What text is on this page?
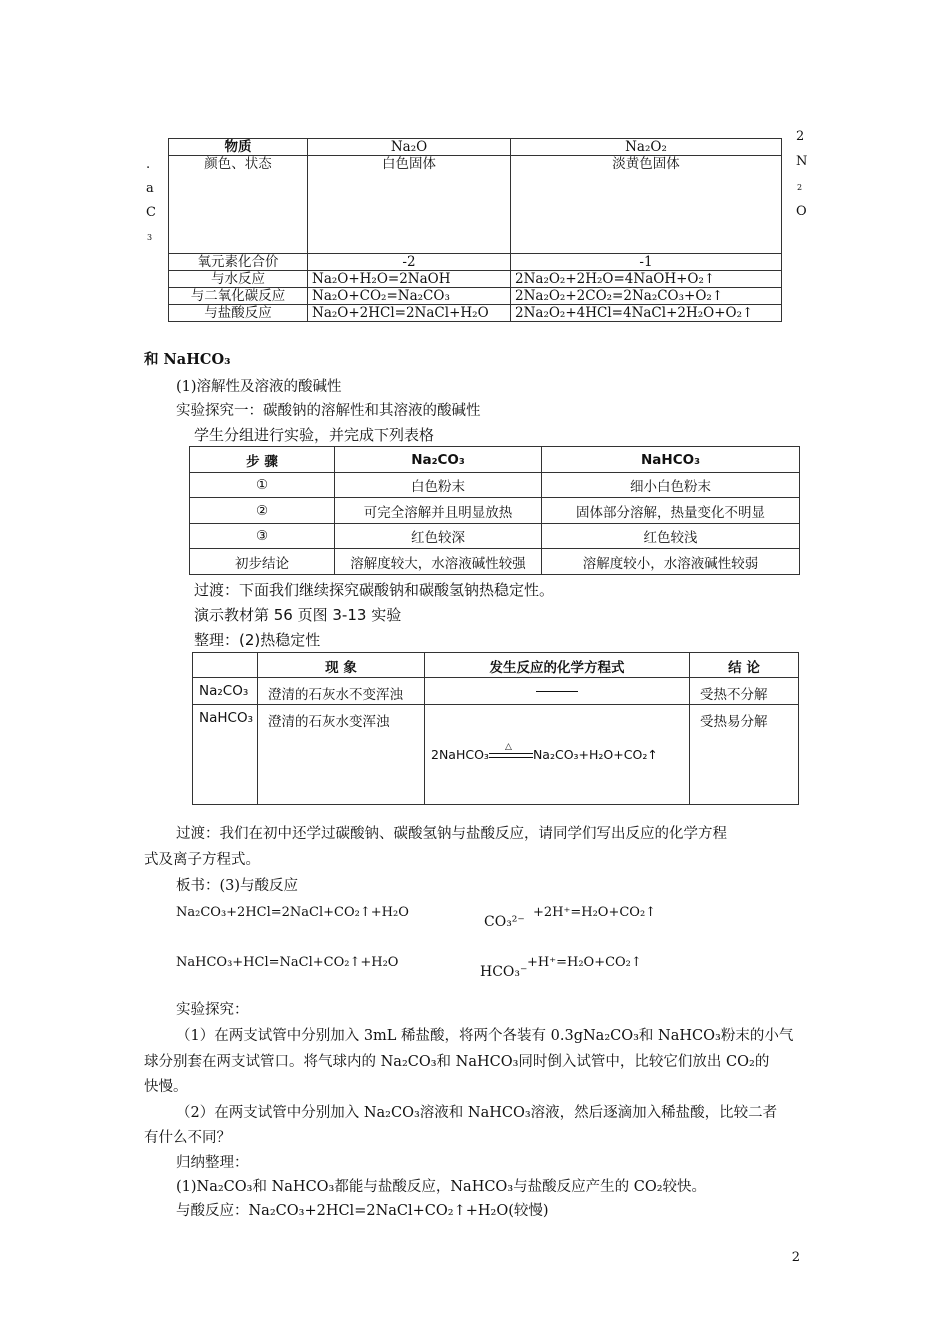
.
a
C
3
2
N
2
O
物质	Na₂O	Na₂O₂
颜色、状态	白色固体	淡黄色固体
氧元素化合价	-2	-1
与水反应	Na₂O+H₂O=2NaOH	2Na₂O₂+2H₂O=4NaOH+O₂↑
与二氧化碳反应	Na₂O+CO₂=Na₂CO₃	2Na₂O₂+2CO₂=2Na₂CO₃+O₂↑
与盐酸反应	Na₂O+2HCl=2NaCl+H₂O	2Na₂O₂+4HCl=4NaCl+2H₂O+O₂↑
和 NaHCO₃
(1)溶解性及溶液的酸碱性
实验探究一：碳酸钠的溶解性和其溶液的酸碱性
学生分组进行实验，并完成下列表格
步 骤	Na₂CO₃	NaHCO₃
①	白色粉末	细小白色粉末
②	可完全溶解并且明显放热	固体部分溶解，热量变化不明显
③	红色较深	红色较浅
初步结论	溶解度较大，水溶液碱性较强	溶解度较小，水溶液碱性较弱
过渡：下面我们继续探究碳酸钠和碳酸氢钠热稳定性。
演示教材第 56 页图 3-13 实验
整理：(2)热稳定性
	现 象	发生反应的化学方程式	结 论
Na₂CO₃	澄清的石灰水不变浑浊		受热不分解
NaHCO₃	澄清的石灰水变浑浊	2NaHCO₃ △ Na₂CO₃+H₂O+CO₂↑	受热易分解
过渡：我们在初中还学过碳酸钠、碳酸氢钠与盐酸反应，请同学们写出反应的化学方程
式及离子方程式。
板书：(3)与酸反应
Na₂CO₃+2HCl=2NaCl+CO₂↑+H₂O
CO₃²⁻
+2H⁺=H₂O+CO₂↑
NaHCO₃+HCl=NaCl+CO₂↑+H₂O
HCO₃⁻
+H⁺=H₂O+CO₂↑
实验探究：
（1）在两支试管中分别加入 3mL 稀盐酸，将两个各装有 0.3gNa₂CO₃和 NaHCO₃粉末的小气
球分别套在两支试管口。将气球内的 Na₂CO₃和 NaHCO₃同时倒入试管中，比较它们放出 CO₂的
快慢。
（2）在两支试管中分别加入 Na₂CO₃溶液和 NaHCO₃溶液，然后逐滴加入稀盐酸，比较二者
有什么不同？
归纳整理：
(1)Na₂CO₃和 NaHCO₃都能与盐酸反应，NaHCO₃与盐酸反应产生的 CO₂较快。
与酸反应：Na₂CO₃+2HCl=2NaCl+CO₂↑+H₂O(较慢)
2
